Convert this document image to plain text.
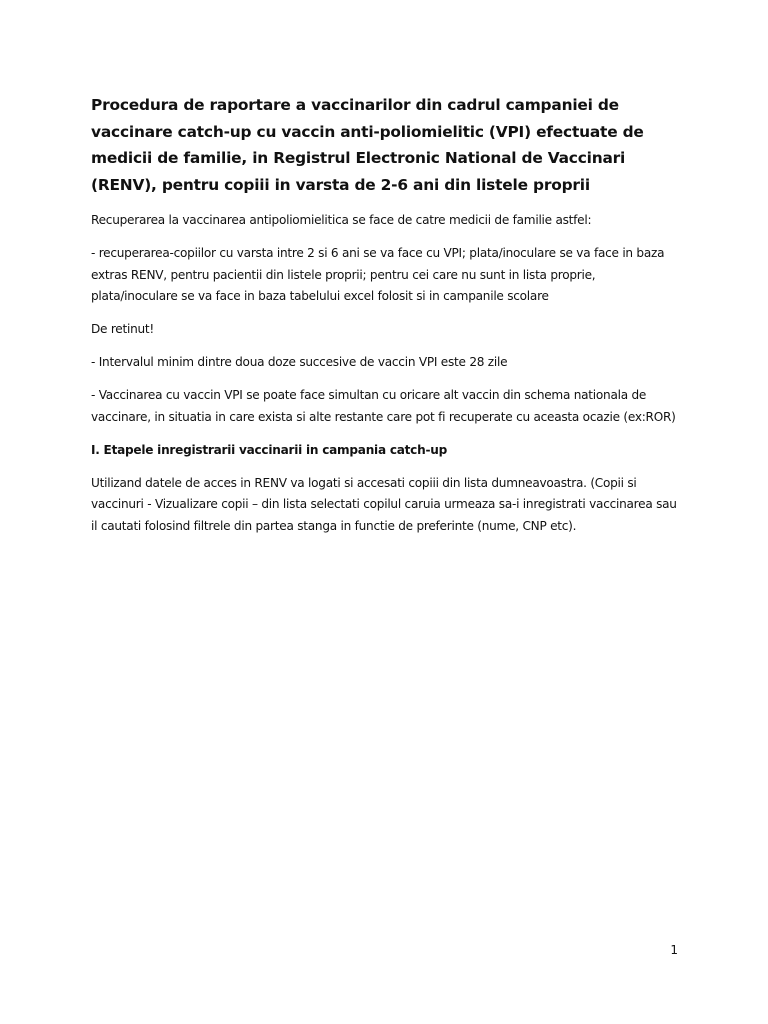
Procedura de raportare a vaccinarilor din cadrul campaniei de vaccinare catch-up cu vaccin anti-poliomielitic (VPI) efectuate de medicii de familie, in Registrul Electronic National de Vaccinari (RENV), pentru copiii in varsta de 2-6 ani din listele proprii

Recuperarea la vaccinarea antipoliomielitica se face de catre medicii de familie astfel:

- recuperarea-copiilor cu varsta intre 2 si 6 ani se va face cu VPI; plata/inoculare se va face in baza extras RENV, pentru pacientii din listele proprii; pentru cei care nu sunt in lista proprie, plata/inoculare se va face in baza tabelului excel folosit si in campanile scolare

De retinut!

- Intervalul minim dintre doua doze succesive de vaccin VPI este 28 zile

- Vaccinarea cu vaccin VPI se poate face simultan cu oricare alt vaccin din schema nationala de vaccinare, in situatia in care exista si alte restante care pot fi recuperate cu aceasta ocazie (ex:ROR)

I. Etapele inregistrarii vaccinarii in campania catch-up

Utilizand datele de acces in RENV va logati si accesati copiii din lista dumneavoastra. (Copii si vaccinuri - Vizualizare copii – din lista selectati copilul caruia urmeaza sa-i inregistrati vaccinarea sau il cautati folosind filtrele din partea stanga in functie de preferinte (nume, CNP etc).

1
